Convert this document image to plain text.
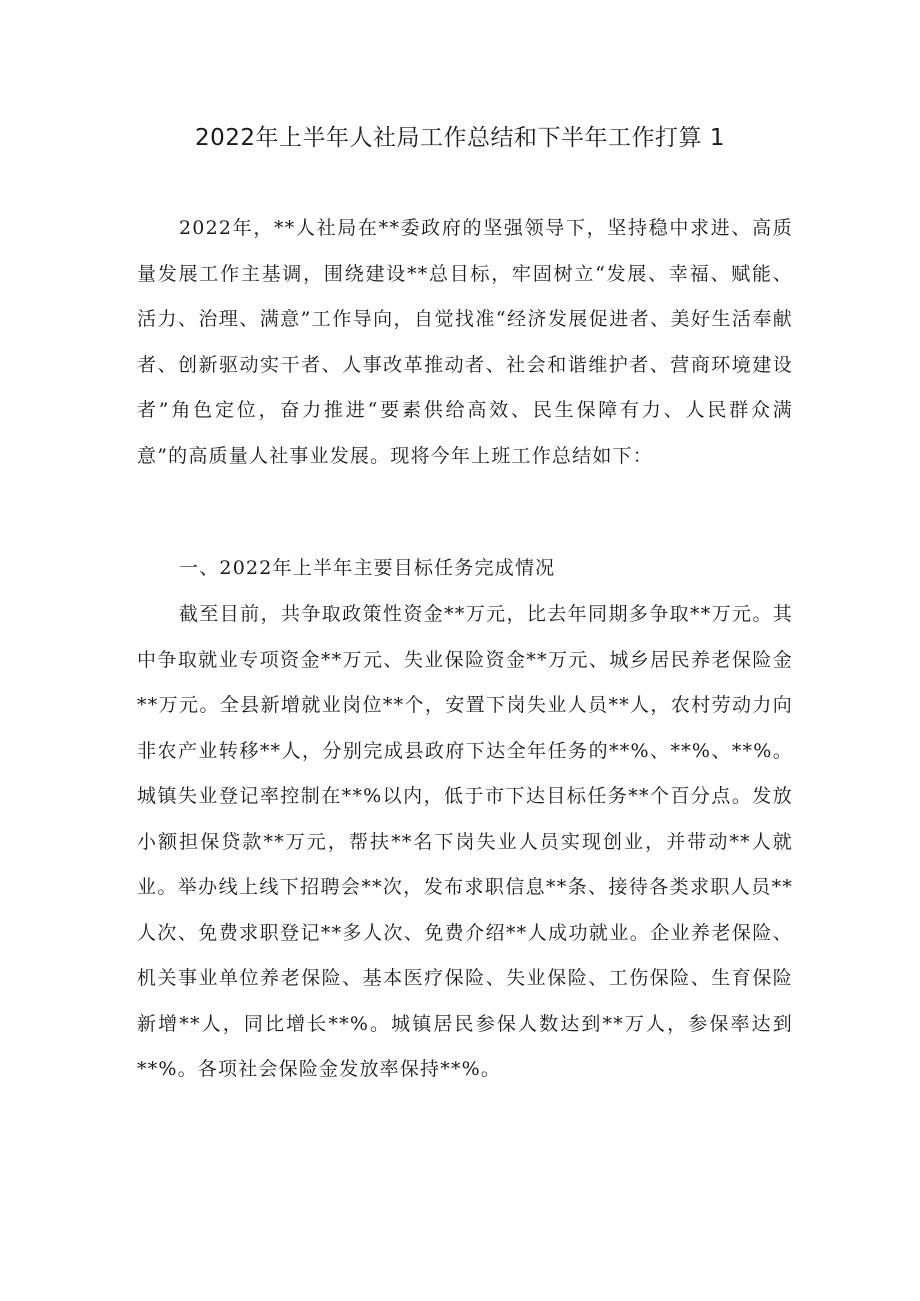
2022年上半年人社局工作总结和下半年工作打算 1

2022年，**人社局在**委政府的坚强领导下，坚持稳中求进、高质量发展工作主基调，围绕建设**总目标，牢固树立“发展、幸福、赋能、活力、治理、满意”工作导向，自觉找准“经济发展促进者、美好生活奉献者、创新驱动实干者、人事改革推动者、社会和谐维护者、营商环境建设者”角色定位，奋力推进“要素供给高效、民生保障有力、人民群众满意”的高质量人社事业发展。现将今年上班工作总结如下：

一、2022年上半年主要目标任务完成情况

截至目前，共争取政策性资金**万元，比去年同期多争取**万元。其中争取就业专项资金**万元、失业保险资金**万元、城乡居民养老保险金**万元。全县新增就业岗位**个，安置下岗失业人员**人，农村劳动力向非农产业转移**人，分别完成县政府下达全年任务的**%、**%、**%。城镇失业登记率控制在**%以内，低于市下达目标任务**个百分点。发放小额担保贷款**万元，帮扶**名下岗失业人员实现创业，并带动**人就业。举办线上线下招聘会**次，发布求职信息**条、接待各类求职人员**人次、免费求职登记**多人次、免费介绍**人成功就业。企业养老保险、机关事业单位养老保险、基本医疗保险、失业保险、工伤保险、生育保险新增**人，同比增长**%。城镇居民参保人数达到**万人，参保率达到**%。各项社会保险金发放率保持**%。
